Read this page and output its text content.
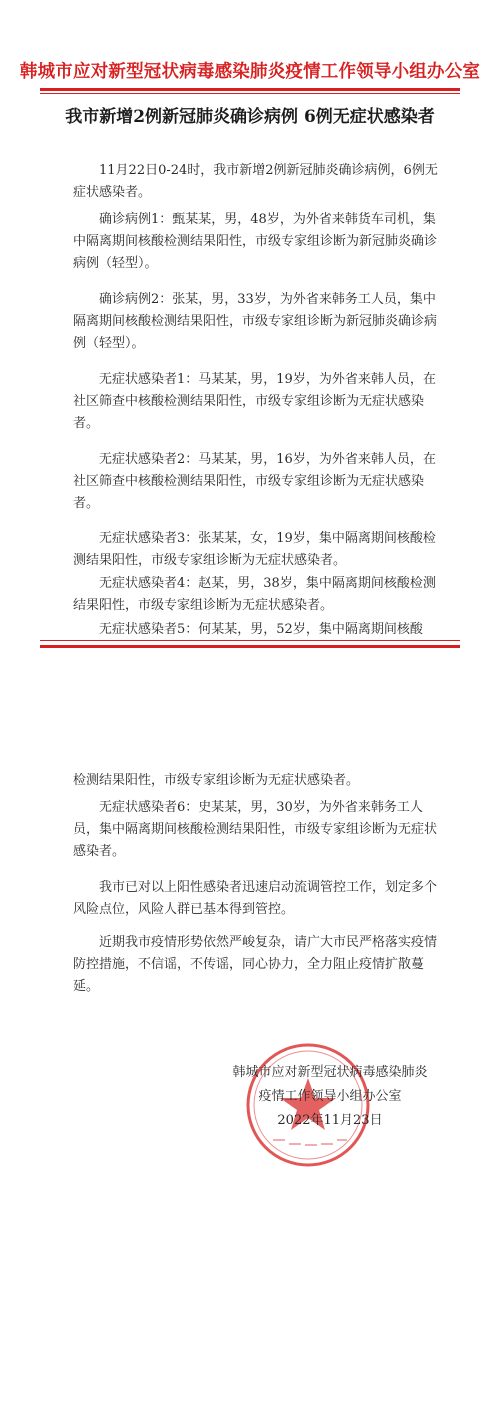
韩城市应对新型冠状病毒感染肺炎疫情工作领导小组办公室
我市新增2例新冠肺炎确诊病例 6例无症状感染者

11月22日0-24时，我市新增2例新冠肺炎确诊病例，6例无症状感染者。

确诊病例1：甄某某，男，48岁，为外省来韩货车司机，集中隔离期间核酸检测结果阳性，市级专家组诊断为新冠肺炎确诊病例（轻型）。

确诊病例2：张某，男，33岁，为外省来韩务工人员，集中隔离期间核酸检测结果阳性，市级专家组诊断为新冠肺炎确诊病例（轻型）。

无症状感染者1：马某某，男，19岁，为外省来韩人员，在社区筛查中核酸检测结果阳性，市级专家组诊断为无症状感染者。

无症状感染者2：马某某，男，16岁，为外省来韩人员，在社区筛查中核酸检测结果阳性，市级专家组诊断为无症状感染者。

无症状感染者3：张某某，女，19岁，集中隔离期间核酸检测结果阳性，市级专家组诊断为无症状感染者。

无症状感染者4：赵某，男，38岁，集中隔离期间核酸检测结果阳性，市级专家组诊断为无症状感染者。

无症状感染者5：何某某，男，52岁，集中隔离期间核酸

检测结果阳性，市级专家组诊断为无症状感染者。

无症状感染者6：史某某，男，30岁，为外省来韩务工人员，集中隔离期间核酸检测结果阳性，市级专家组诊断为无症状感染者。

我市已对以上阳性感染者迅速启动流调管控工作，划定多个风险点位，风险人群已基本得到管控。

近期我市疫情形势依然严峻复杂，请广大市民严格落实疫情防控措施，不信谣，不传谣，同心协力，全力阻止疫情扩散蔓延。

韩城市应对新型冠状病毒感染肺炎
疫情工作领导小组办公室
2022年11月23日
